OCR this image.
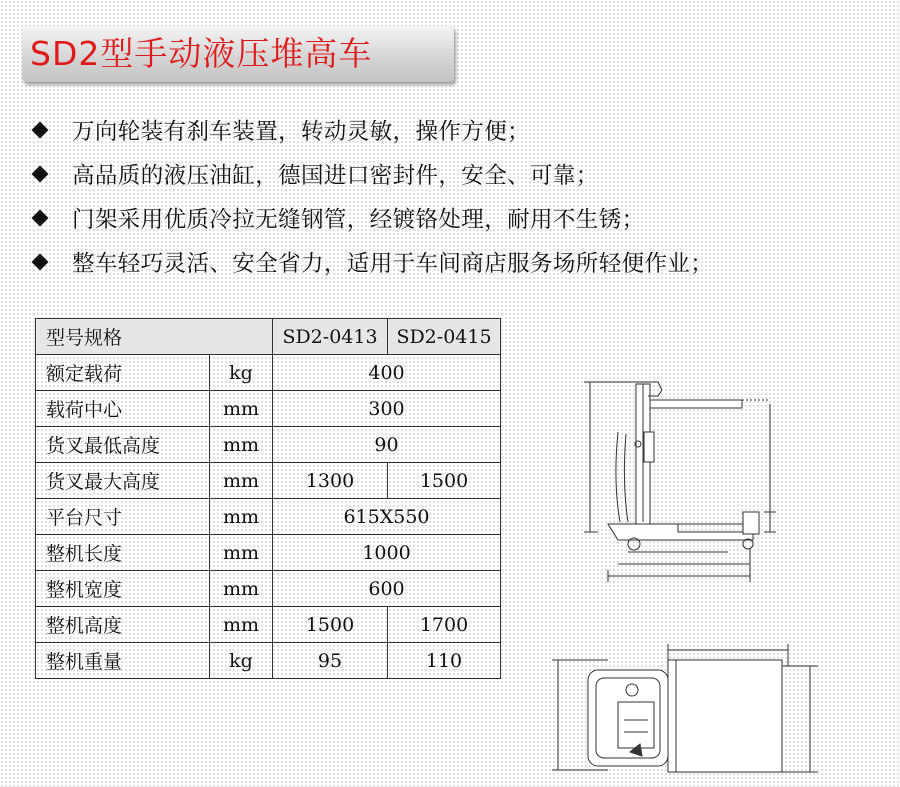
SD2型手动液压堆高车
万向轮装有刹车装置，转动灵敏，操作方便；
高品质的液压油缸，德国进口密封件，安全、可靠；
门架采用优质冷拉无缝钢管，经镀铬处理，耐用不生锈；
整车轻巧灵活、安全省力，适用于车间商店服务场所轻便作业；
型号规格		SD2-0413	SD2-0415
额定载荷	kg	400	
载荷中心	mm	300	
货叉最低高度	mm	90	
货叉最大高度	mm	1300	1500
平台尺寸	mm	615X550	
整机长度	mm	1000	
整机宽度	mm	600	
整机高度	mm	1500	1700
整机重量	kg	95	110
